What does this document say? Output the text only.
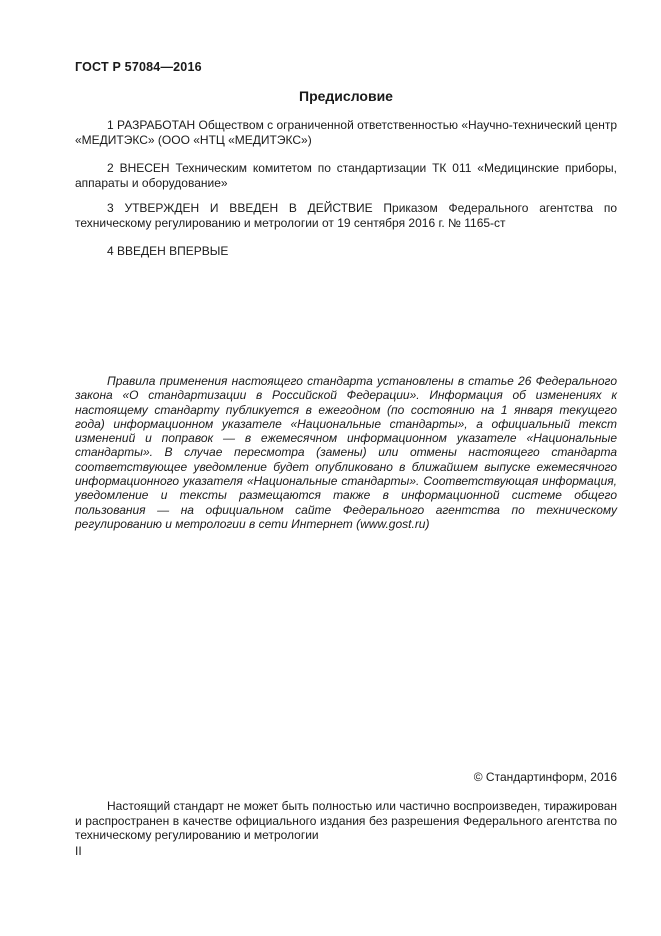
ГОСТ Р 57084—2016
Предисловие

1 РАЗРАБОТАН Обществом с ограниченной ответственностью «Научно-технический центр «МЕДИТЭКС» (ООО «НТЦ «МЕДИТЭКС»)

2 ВНЕСЕН Техническим комитетом по стандартизации ТК 011 «Медицинские приборы, аппараты и оборудование»

3 УТВЕРЖДЕН И ВВЕДЕН В ДЕЙСТВИЕ Приказом Федерального агентства по техническому регулированию и метрологии от 19 сентября 2016 г. № 1165-ст

4 ВВЕДЕН ВПЕРВЫЕ

Правила применения настоящего стандарта установлены в статье 26 Федерального закона «О стандартизации в Российской Федерации». Информация об изменениях к настоящему стандарту публикуется в ежегодном (по состоянию на 1 января текущего года) информационном указателе «Национальные стандарты», а официальный текст изменений и поправок — в ежемесячном информационном указателе «Национальные стандарты». В случае пересмотра (замены) или отмены настоящего стандарта соответствующее уведомление будет опубликовано в ближайшем выпуске ежемесячного информационного указателя «Национальные стандарты». Соответствующая информация, уведомление и тексты размещаются также в информационной системе общего пользования — на официальном сайте Федерального агентства по техническому регулированию и метрологии в сети Интернет (www.gost.ru)

© Стандартинформ, 2016

Настоящий стандарт не может быть полностью или частично воспроизведен, тиражирован и распространен в качестве официального издания без разрешения Федерального агентства по техническому регулированию и метрологии

II
